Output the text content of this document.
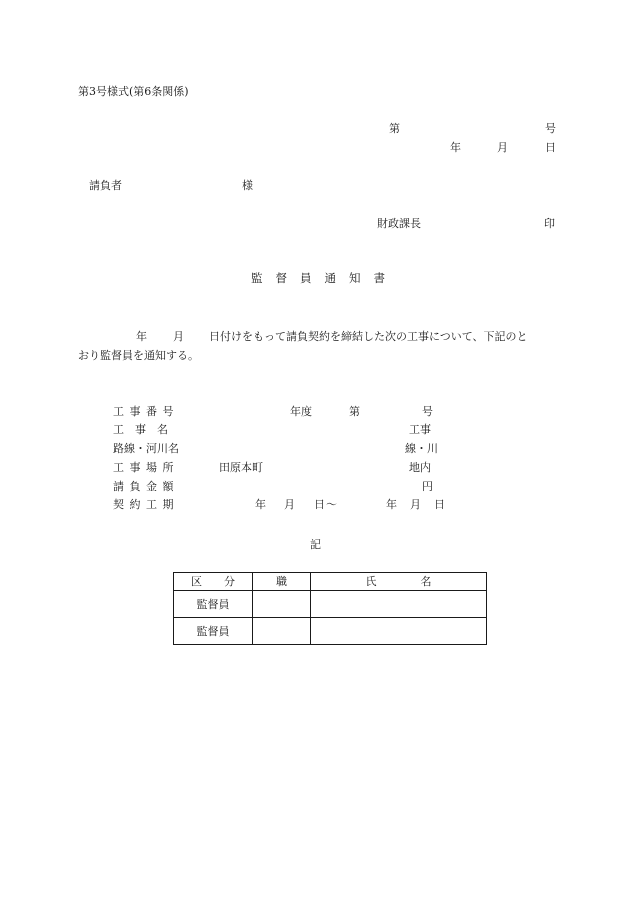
第3号様式(第6条関係)
第	号
年	月	日
請負者	様
財政課長	印
監 督 員 通 知 書
年 月 日付けをもって請負契約を締結した次の工事について、下記のと
おり監督員を通知する。
工 事 番 号	年度	第	号
工　事　名	工事
路線・河川名	線・川
工 事 場 所	田原本町	地内
請 負 金 額	円
契 約 工 期	年 月 日 〜	年 月 日
記
区　　分	職	氏　　　　名
監督員		
監督員		
